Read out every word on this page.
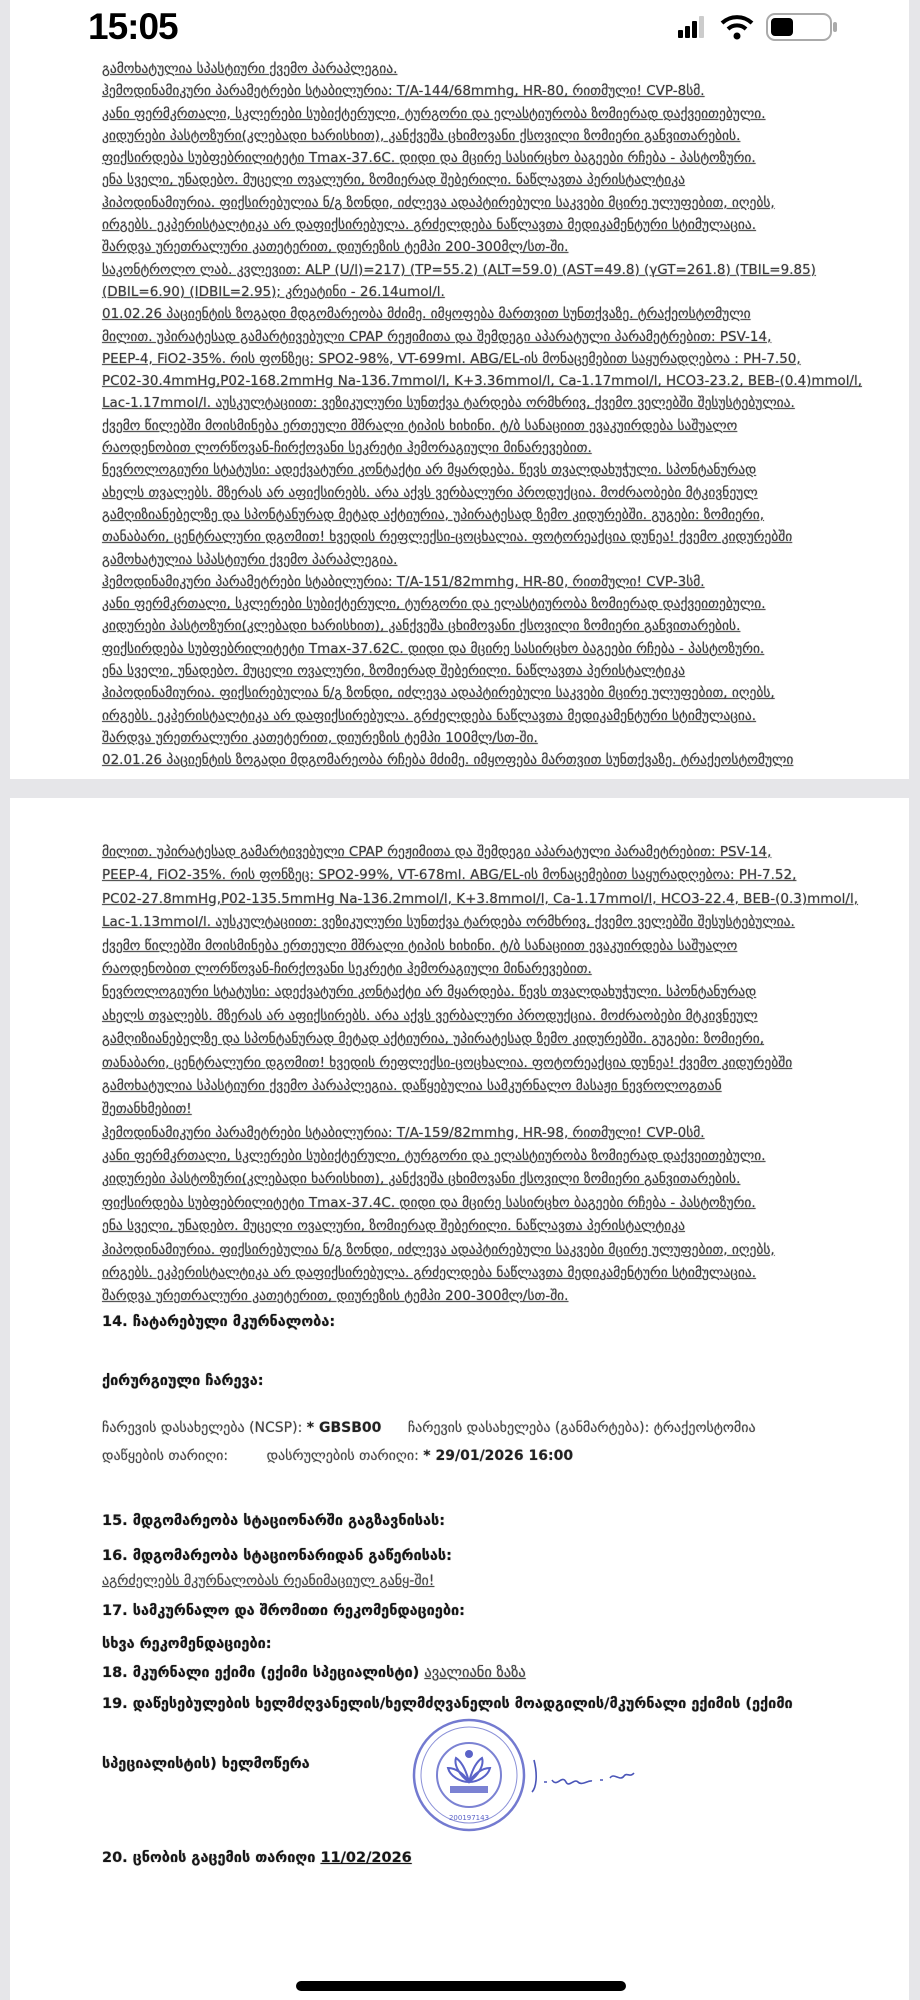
გამოხატულია სპასტიური ქვემო პარაპლეგია.
ჰემოდინამიკური პარამეტრები სტაბილურია: T/A-144/68mmhg, HR-80, რითმული! CVP-8სმ.
კანი ფერმკრთალი, სკლერები სუბიქტერული, ტურგორი და ელასტიურობა ზომიერად დაქვეითებული.
კიდურები პასტოზური(კლებადი ხარისხით), კანქვეშა ცხიმოვანი ქსოვილი ზომიერი განვითარების.
ფიქსირდება სუბფებრილიტეტი Tmax-37.6C. დიდი და მცირე სასირცხო ბაგეები რჩება - პასტოზური.
ენა სველი, უნადებო. მუცელი ოვალური, ზომიერად შებერილი. ნაწლავთა პერისტალტიკა
ჰიპოდინამიურია. ფიქსირებულია ნ/გ ზონდი, იძლევა ადაპტირებული საკვები მცირე ულუფებით, იღებს,
ირგებს. ეკპერისტალტიკა არ დაფიქსირებულა. გრძელდება ნაწლავთა მედიკამენტური სტიმულაცია.
შარდვა ურეთრალური კათეტერით, დიურეზის ტემპი 200-300მლ/სთ-ში.
საკონტროლო ლაბ. კვლევით: ALP (U/l)=217) (TP=55.2) (ALT=59.0) (AST=49.8) (γGT=261.8) (TBIL=9.85)
(DBIL=6.90) (IDBIL=2.95); კრეატინი - 26.14umol/l.
01.02.26 პაციენტის ზოგადი მდგომარეობა მძიმე. იმყოფება მართვით სუნთქვაზე. ტრაქეოსტომული
მილით. უპირატესად გამარტივებული CPAP რეჟიმითა და შემდეგი აპარატული პარამეტრებით: PSV-14,
PEEP-4, FiO2-35%. რის ფონზეც: SPO2-98%, VT-699ml. ABG/EL-ის მონაცემებით საყურადღებოა : PH-7.50,
PC02-30.4mmHg,P02-168.2mmHg Na-136.7mmol/l, K+3.36mmol/l, Ca-1.17mmol/l, HCO3-23.2, BEB-(0.4)mmol/l,
Lac-1.17mmol/l. აუსკულტაციით: ვეზიკულური სუნთქვა ტარდება ორმხრივ, ქვემო ველებში შესუსტებულია.
ქვემო წილებში მოისმინება ერთეული მშრალი ტიპის ხიხინი. ტ/ბ სანაციით ევაკუირდება საშუალო
რაოდენობით ლორწოვან-ჩირქოვანი სეკრეტი ჰემორაგიული მინარევებით.
ნევროლოგიური სტატუსი: ადექვატური კონტაქტი არ მყარდება. წევს თვალდახუჭული. სპონტანურად
ახელს თვალებს. მზერას არ აფიქსირებს. არა აქვს ვერბალური პროდუქცია. მოძრაობები მტკივნეულ
გამღიზიანებელზე და სპონტანურად მეტად აქტიურია, უპირატესად ზემო კიდურებში. გუგები: ზომიერი,
თანაბარი, ცენტრალური დგომით! ხვედის რეფლექსი-ცოცხალია. ფოტორეაქცია დუნეა! ქვემო კიდურებში
გამოხატულია სპასტიური ქვემო პარაპლეგია.
ჰემოდინამიკური პარამეტრები სტაბილურია: T/A-151/82mmhg, HR-80, რითმული! CVP-3სმ.
კანი ფერმკრთალი, სკლერები სუბიქტერული, ტურგორი და ელასტიურობა ზომიერად დაქვეითებული.
კიდურები პასტოზური(კლებადი ხარისხით), კანქვეშა ცხიმოვანი ქსოვილი ზომიერი განვითარების.
ფიქსირდება სუბფებრილიტეტი Tmax-37.62C. დიდი და მცირე სასირცხო ბაგეები რჩება - პასტოზური.
ენა სველი, უნადებო. მუცელი ოვალური, ზომიერად შებერილი. ნაწლავთა პერისტალტიკა
ჰიპოდინამიურია. ფიქსირებულია ნ/გ ზონდი, იძლევა ადაპტირებული საკვები მცირე ულუფებით, იღებს,
ირგებს. ეკპერისტალტიკა არ დაფიქსირებულა. გრძელდება ნაწლავთა მედიკამენტური სტიმულაცია.
შარდვა ურეთრალური კათეტერით, დიურეზის ტემპი 100მლ/სთ-ში.
02.01.26 პაციენტის ზოგადი მდგომარეობა რჩება მძიმე. იმყოფება მართვით სუნთქვაზე. ტრაქეოსტომული
მილით. უპირატესად გამარტივებული CPAP რეჟიმითა და შემდეგი აპარატული პარამეტრებით: PSV-14,
PEEP-4, FiO2-35%. რის ფონზეც: SPO2-99%, VT-678ml. ABG/EL-ის მონაცემებით საყურადღებოა: PH-7.52,
PC02-27.8mmHg,P02-135.5mmHg Na-136.2mmol/l, K+3.8mmol/l, Ca-1.17mmol/l, HCO3-22.4, BEB-(0.3)mmol/l,
Lac-1.13mmol/l. აუსკულტაციით: ვეზიკულური სუნთქვა ტარდება ორმხრივ, ქვემო ველებში შესუსტებულია.
ქვემო წილებში მოისმინება ერთეული მშრალი ტიპის ხიხინი. ტ/ბ სანაციით ევაკუირდება საშუალო
რაოდენობით ლორწოვან-ჩირქოვანი სეკრეტი ჰემორაგიული მინარევებით.
ნევროლოგიური სტატუსი: ადექვატური კონტაქტი არ მყარდება. წევს თვალდახუჭული. სპონტანურად
ახელს თვალებს. მზერას არ აფიქსირებს. არა აქვს ვერბალური პროდუქცია. მოძრაობები მტკივნეულ
გამღიზიანებელზე და სპონტანურად მეტად აქტიურია, უპირატესად ზემო კიდურებში. გუგები: ზომიერი,
თანაბარი, ცენტრალური დგომით! ხვედის რეფლექსი-ცოცხალია. ფოტორეაქცია დუნეა! ქვემო კიდურებში
გამოხატულია სპასტიური ქვემო პარაპლეგია. დაწყებულია სამკურნალო მასაჟი ნევროლოგთან
შეთანხმებით!
ჰემოდინამიკური პარამეტრები სტაბილურია: T/A-159/82mmhg, HR-98, რითმული! CVP-0სმ.
კანი ფერმკრთალი, სკლერები სუბიქტერული, ტურგორი და ელასტიურობა ზომიერად დაქვეითებული.
კიდურები პასტოზური(კლებადი ხარისხით), კანქვეშა ცხიმოვანი ქსოვილი ზომიერი განვითარების.
ფიქსირდება სუბფებრილიტეტი Tmax-37.4C. დიდი და მცირე სასირცხო ბაგეები რჩება - პასტოზური.
ენა სველი, უნადებო. მუცელი ოვალური, ზომიერად შებერილი. ნაწლავთა პერისტალტიკა
ჰიპოდინამიურია. ფიქსირებულია ნ/გ ზონდი, იძლევა ადაპტირებული საკვები მცირე ულუფებით, იღებს,
ირგებს. ეკპერისტალტიკა არ დაფიქსირებულა. გრძელდება ნაწლავთა მედიკამენტური სტიმულაცია.
შარდვა ურეთრალური კათეტერით, დიურეზის ტემპი 200-300მლ/სთ-ში.
14. ჩატარებული მკურნალობა:
ქირურგიული ჩარევა:
ჩარევის დასახელება (NCSP): * GBSB00 ჩარევის დასახელება (განმარტება): ტრაქეოსტომია
დაწყების თარიღი:	დასრულების თარიღი: * 29/01/2026 16:00
15. მდგომარეობა სტაციონარში გაგზავნისას:
16. მდგომარეობა სტაციონარიდან გაწერისას:
აგრძელებს მკურნალობას რეანიმაციულ განყ-ში!
17. სამკურნალო და შრომითი რეკომენდაციები:
სხვა რეკომენდაციები:
18. მკურნალი ექიმი (ექიმი სპეციალისტი) ავალიანი ზაზა
19. დაწესებულების ხელმძღვანელის/ხელმძღვანელის მოადგილის/მკურნალი ექიმის (ექიმი
სპეციალისტის) ხელმოწერა
200197143
20. ცნობის გაცემის თარიღი 11/02/2026
15:05
